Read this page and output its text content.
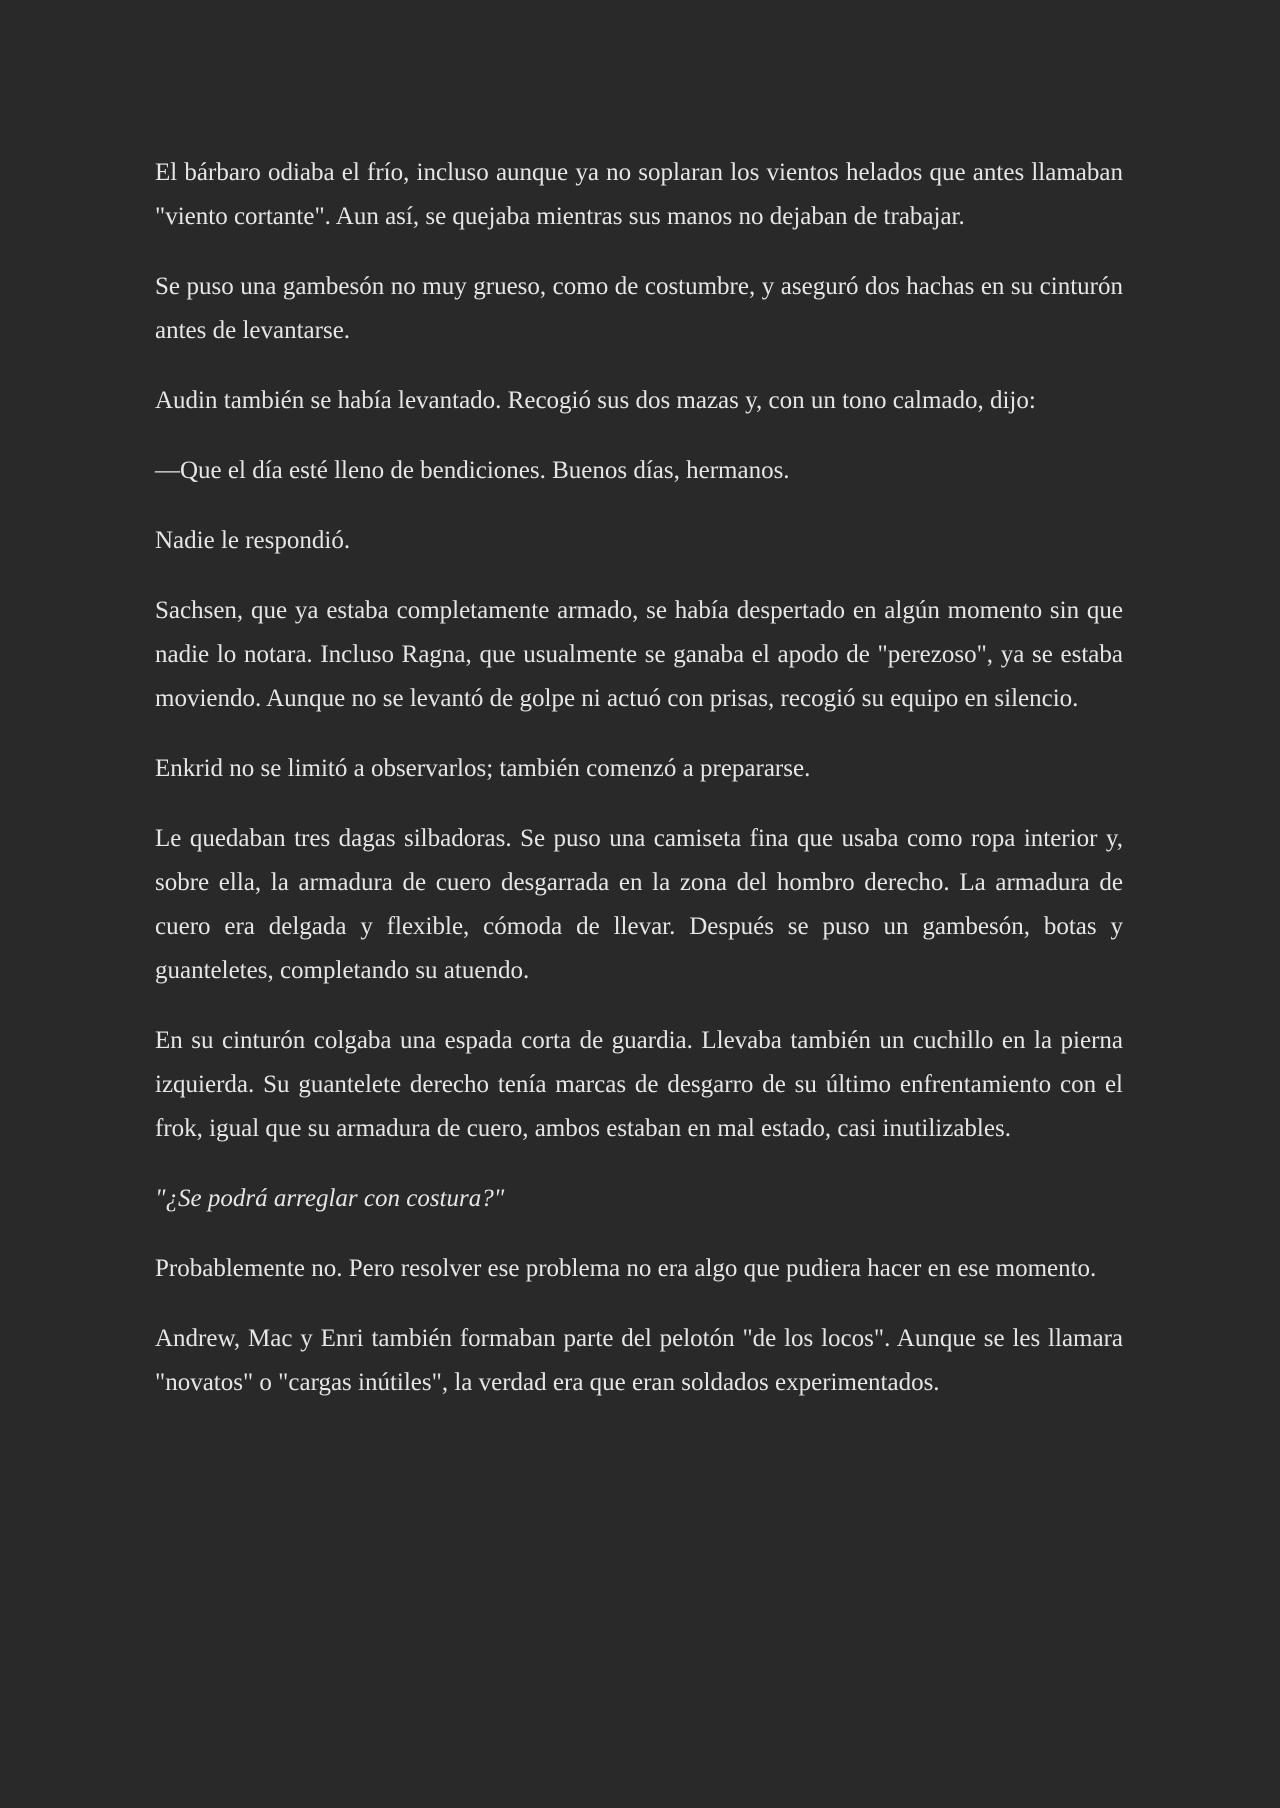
El bárbaro odiaba el frío, incluso aunque ya no soplaran los vientos helados que antes llamaban "viento cortante". Aun así, se quejaba mientras sus manos no dejaban de trabajar.

Se puso una gambesón no muy grueso, como de costumbre, y aseguró dos hachas en su cinturón antes de levantarse.

Audin también se había levantado. Recogió sus dos mazas y, con un tono calmado, dijo:

—Que el día esté lleno de bendiciones. Buenos días, hermanos.

Nadie le respondió.

Sachsen, que ya estaba completamente armado, se había despertado en algún momento sin que nadie lo notara. Incluso Ragna, que usualmente se ganaba el apodo de "perezoso", ya se estaba moviendo. Aunque no se levantó de golpe ni actuó con prisas, recogió su equipo en silencio.

Enkrid no se limitó a observarlos; también comenzó a prepararse.

Le quedaban tres dagas silbadoras. Se puso una camiseta fina que usaba como ropa interior y, sobre ella, la armadura de cuero desgarrada en la zona del hombro derecho. La armadura de cuero era delgada y flexible, cómoda de llevar. Después se puso un gambesón, botas y guanteletes, completando su atuendo.

En su cinturón colgaba una espada corta de guardia. Llevaba también un cuchillo en la pierna izquierda. Su guantelete derecho tenía marcas de desgarro de su último enfrentamiento con el frok, igual que su armadura de cuero, ambos estaban en mal estado, casi inutilizables.

"¿Se podrá arreglar con costura?"

Probablemente no. Pero resolver ese problema no era algo que pudiera hacer en ese momento.

Andrew, Mac y Enri también formaban parte del pelotón "de los locos". Aunque se les llamara "novatos" o "cargas inútiles", la verdad era que eran soldados experimentados.
